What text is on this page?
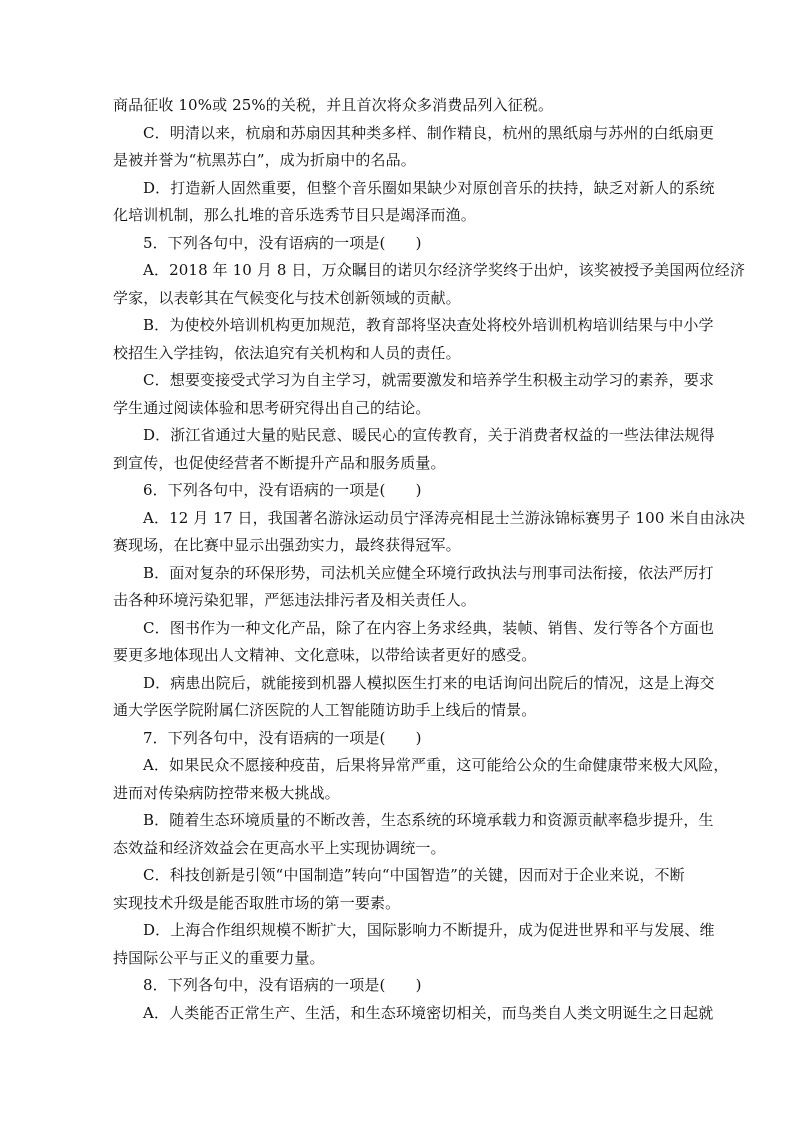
商品征收 10%或 25%的关税，并且首次将众多消费品列入征税。
C．明清以来，杭扇和苏扇因其种类多样、制作精良，杭州的黑纸扇与苏州的白纸扇更
是被并誉为“杭黑苏白”，成为折扇中的名品。
D．打造新人固然重要，但整个音乐圈如果缺少对原创音乐的扶持，缺乏对新人的系统
化培训机制，那么扎堆的音乐选秀节目只是竭泽而渔。
5．下列各句中，没有语病的一项是(　　)
A．2018 年 10 月 8 日，万众瞩目的诺贝尔经济学奖终于出炉，该奖被授予美国两位经济
学家，以表彰其在气候变化与技术创新领域的贡献。
B．为使校外培训机构更加规范，教育部将坚决查处将校外培训机构培训结果与中小学
校招生入学挂钩，依法追究有关机构和人员的责任。
C．想要变接受式学习为自主学习，就需要激发和培养学生积极主动学习的素养，要求
学生通过阅读体验和思考研究得出自己的结论。
D．浙江省通过大量的贴民意、暖民心的宣传教育，关于消费者权益的一些法律法规得
到宣传，也促使经营者不断提升产品和服务质量。
6．下列各句中，没有语病的一项是(　　)
A．12 月 17 日，我国著名游泳运动员宁泽涛亮相昆士兰游泳锦标赛男子 100 米自由泳决
赛现场，在比赛中显示出强劲实力，最终获得冠军。
B．面对复杂的环保形势，司法机关应健全环境行政执法与刑事司法衔接，依法严厉打
击各种环境污染犯罪，严惩违法排污者及相关责任人。
C．图书作为一种文化产品，除了在内容上务求经典，装帧、销售、发行等各个方面也
要更多地体现出人文精神、文化意味，以带给读者更好的感受。
D．病患出院后，就能接到机器人模拟医生打来的电话询问出院后的情况，这是上海交
通大学医学院附属仁济医院的人工智能随访助手上线后的情景。
7．下列各句中，没有语病的一项是(　　)
A．如果民众不愿接种疫苗，后果将异常严重，这可能给公众的生命健康带来极大风险，
进而对传染病防控带来极大挑战。
B．随着生态环境质量的不断改善，生态系统的环境承载力和资源贡献率稳步提升，生
态效益和经济效益会在更高水平上实现协调统一。
C．科技创新是引领“中国制造”转向“中国智造”的关键，因而对于企业来说，不断
实现技术升级是能否取胜市场的第一要素。
D．上海合作组织规模不断扩大，国际影响力不断提升，成为促进世界和平与发展、维
持国际公平与正义的重要力量。
8．下列各句中，没有语病的一项是(　　)
A．人类能否正常生产、生活，和生态环境密切相关，而鸟类自人类文明诞生之日起就
